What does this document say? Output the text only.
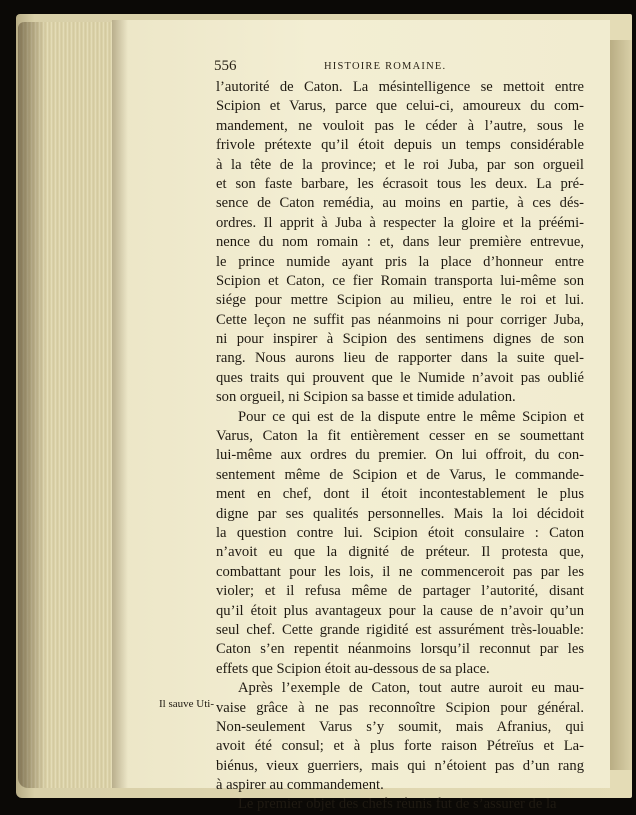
556	HISTOIRE ROMAINE.
l’autorité de Caton. La mésintelligence se mettoit entre
Scipion et Varus, parce que celui-ci, amoureux du com-
mandement, ne vouloit pas le céder à l’autre, sous le
frivole prétexte qu’il étoit depuis un temps considérable
à la tête de la province; et le roi Juba, par son orgueil
et son faste barbare, les écrasoit tous les deux. La pré-
sence de Caton remédia, au moins en partie, à ces dés-
ordres. Il apprit à Juba à respecter la gloire et la préémi-
nence du nom romain : et, dans leur première entrevue,
le prince numide ayant pris la place d’honneur entre
Scipion et Caton, ce fier Romain transporta lui-même son
siége pour mettre Scipion au milieu, entre le roi et lui.
Cette leçon ne suffit pas néanmoins ni pour corriger Juba,
ni pour inspirer à Scipion des sentimens dignes de son
rang. Nous aurons lieu de rapporter dans la suite quel-
ques traits qui prouvent que le Numide n’avoit pas oublié
son orgueil, ni Scipion sa basse et timide adulation.
Pour ce qui est de la dispute entre le même Scipion et
Varus, Caton la fit entièrement cesser en se soumettant
lui-même aux ordres du premier. On lui offroit, du con-
sentement même de Scipion et de Varus, le commande-
ment en chef, dont il étoit incontestablement le plus
digne par ses qualités personnelles. Mais la loi décidoit
la question contre lui. Scipion étoit consulaire : Caton
n’avoit eu que la dignité de préteur. Il protesta que,
combattant pour les lois, il ne commenceroit pas par les
violer; et il refusa même de partager l’autorité, disant
qu’il étoit plus avantageux pour la cause de n’avoir qu’un
seul chef. Cette grande rigidité est assurément très-louable:
Caton s’en repentit néanmoins lorsqu’il reconnut par les
effets que Scipion étoit au-dessous de sa place.
Après l’exemple de Caton, tout autre auroit eu mau-
vaise grâce à ne pas reconnoître Scipion pour général.
Non-seulement Varus s’y soumit, mais Afranius, qui
avoit été consul; et à plus forte raison Pétreïus et La-
biénus, vieux guerriers, mais qui n’étoient pas d’un rang
à aspirer au commandement.
Le premier objet des chefs réunis fut de s’assurer de la
Il sauve Uti-
